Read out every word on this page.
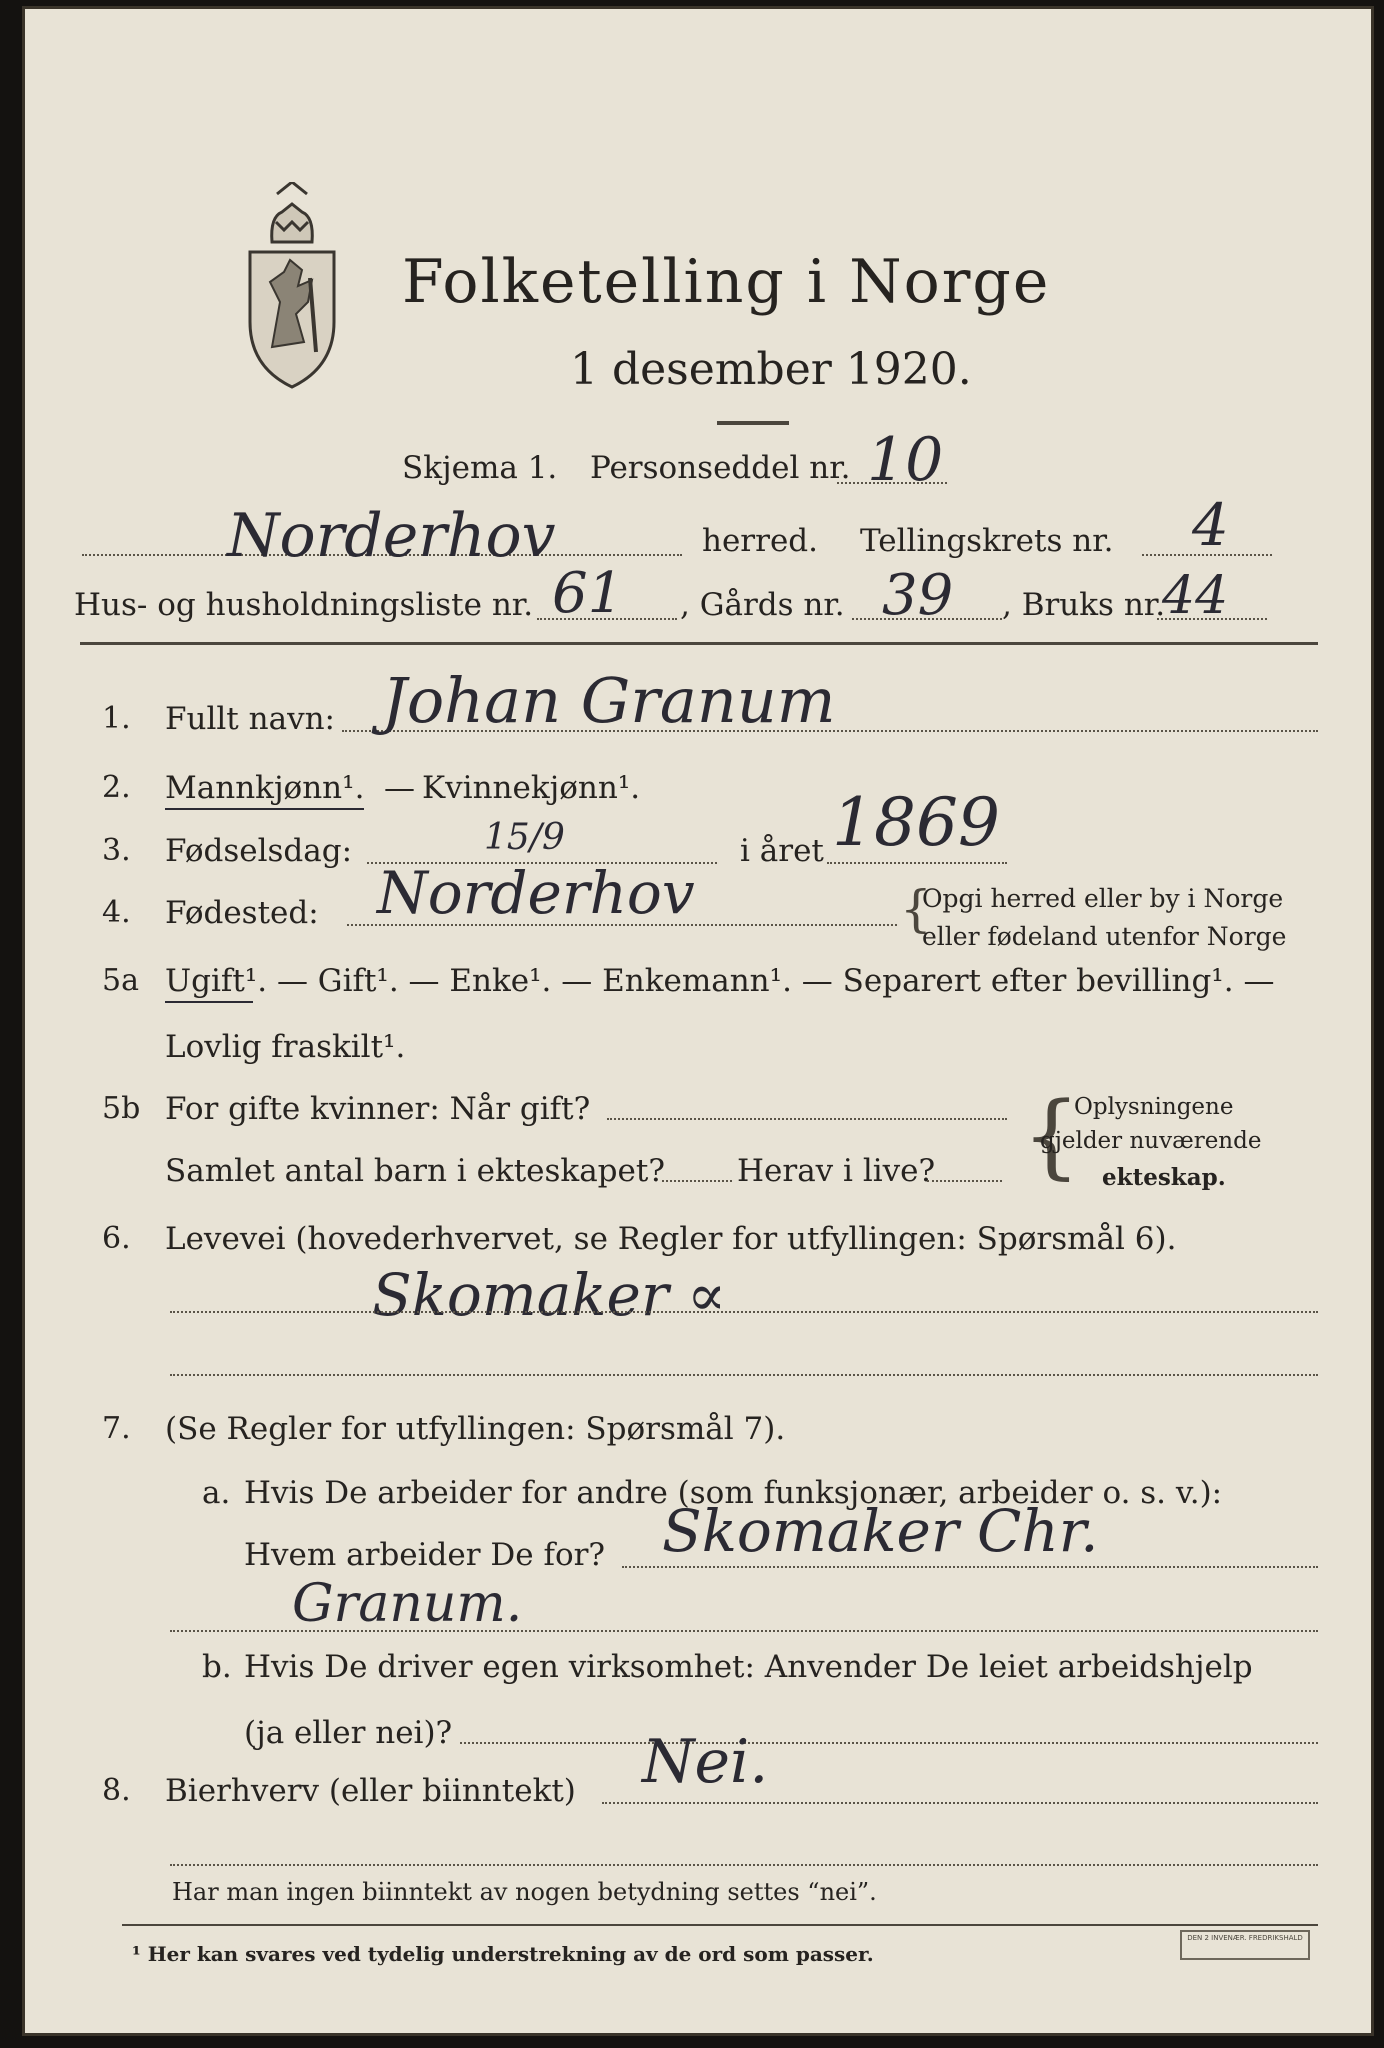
Folketelling i Norge
1 desember 1920.
Skjema 1. Personseddel nr. 10
Norderhov	herred. Tellingskrets nr. 4
Hus- og husholdningsliste nr. 61 , Gårds nr. 39 , Bruks nr.
44
1. Fullt navn: Johan Granum
2. Mannkjønn¹. — Kvinnekjønn¹.
3. Fødselsdag:	15/9	i året 1869
4. Fødested: Norderhov	{
Opgi herred eller by i Norge
eller fødeland utenfor Norge
5a Ugift¹. — Gift¹. — Enke¹. — Enkemann¹. — Separert efter bevilling¹. —
Lovlig fraskilt¹.
5b For gifte kvinner: Når gift?
Samlet antal barn i ekteskapet? Herav i live? {
Oplysningene
gjelder nuværende
ekteskap.
6. Levevei (hovederhvervet, se Regler for utfyllingen: Spørsmål 6).
Skomaker ∝
7. (Se Regler for utfyllingen: Spørsmål 7).
a. Hvis De arbeider for andre (som funksjonær, arbeider o. s. v.):
Hvem arbeider De for? Skomaker Chr.
Granum.
b. Hvis De driver egen virksomhet: Anvender De leiet arbeidshjelp
(ja eller nei)?
8. Bierhverv (eller biinntekt) Nei.
Har man ingen biinntekt av nogen betydning settes “nei”.
¹ Her kan svares ved tydelig understrekning av de ord som passer.
DEN 2 INVENÆR. FREDRIKSHALD
